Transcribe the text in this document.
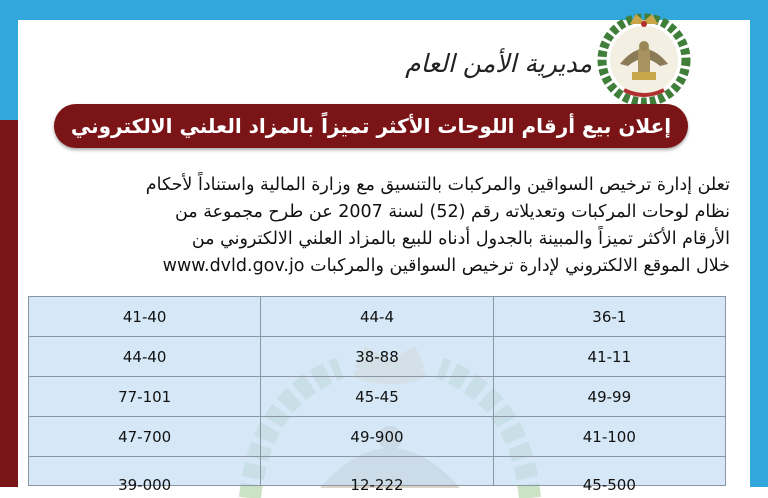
مديرية الأمن العام
إعلان بيع أرقام اللوحات الأكثر تميزاً بالمزاد العلني الالكتروني
تعلن إدارة ترخيص السواقين والمركبات بالتنسيق مع وزارة المالية واستناداً لأحكام
نظام لوحات المركبات وتعديلاته رقم (52) لسنة 2007 عن طرح مجموعة من
الأرقام الأكثر تميزاً والمبينة بالجدول أدناه للبيع بالمزاد العلني الالكتروني من
خلال الموقع الالكتروني لإدارة ترخيص السواقين والمركبات www.dvld.gov.jo
41-40	44-4	36-1
44-40	38-88	41-11
77-101	45-45	49-99
47-700	49-900	41-100
39-000	12-222	45-500
